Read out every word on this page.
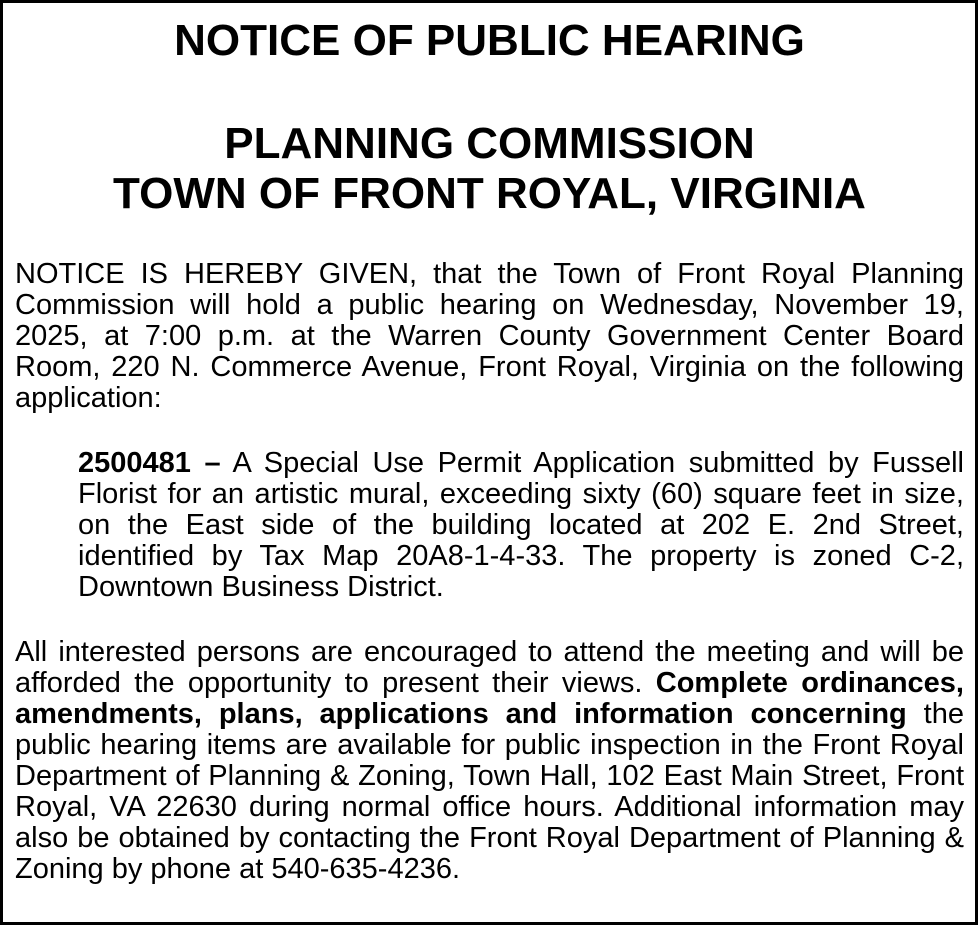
NOTICE OF PUBLIC HEARING
PLANNING COMMISSION
TOWN OF FRONT ROYAL, VIRGINIA

NOTICE IS HEREBY GIVEN, that the Town of Front Royal Planning Commission will hold a public hearing on Wednesday, November 19, 2025, at 7:00 p.m. at the Warren County Government Center Board Room, 220 N. Commerce Avenue, Front Royal, Virginia on the following application:

2500481 – A Special Use Permit Application submitted by Fussell Florist for an artistic mural, exceeding sixty (60) square feet in size, on the East side of the building located at 202 E. 2nd Street, identified by Tax Map 20A8-1-4-33. The property is zoned C-2, Downtown Business District.

All interested persons are encouraged to attend the meeting and will be afforded the opportunity to present their views. Complete ordinances, amendments, plans, applications and information concerning the public hearing items are available for public inspection in the Front Royal Department of Planning & Zoning, Town Hall, 102 East Main Street, Front Royal, VA 22630 during normal office hours. Additional information may also be obtained by contacting the Front Royal Department of Planning & Zoning by phone at 540-635-4236.
